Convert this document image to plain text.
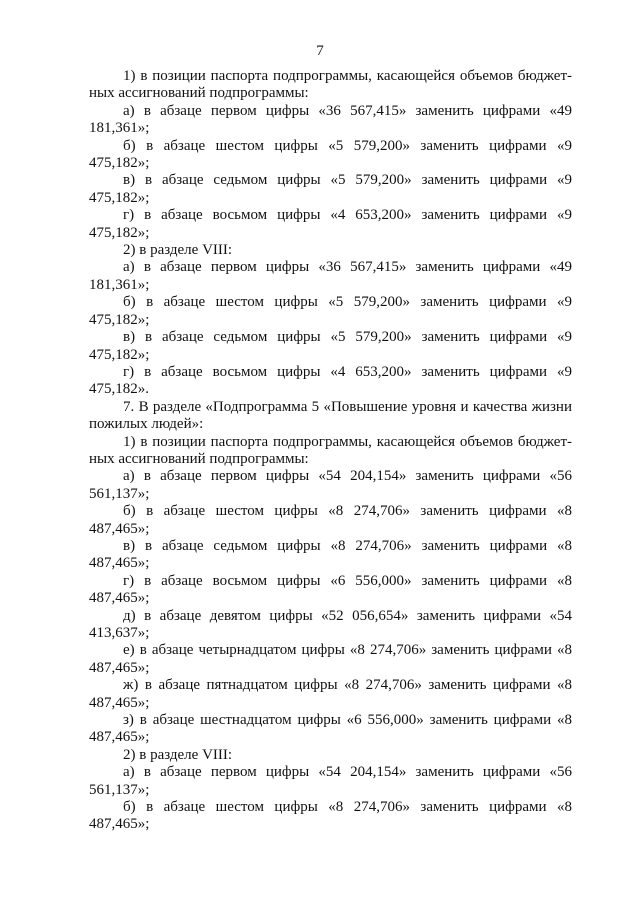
7

1) в позиции паспорта подпрограммы, касающейся объемов бюджет-ных ассигнований подпрограммы:

а) в абзаце первом цифры «36 567,415» заменить цифрами «49 181,361»;

б) в абзаце шестом цифры «5 579,200» заменить цифрами «9 475,182»;

в) в абзаце седьмом цифры «5 579,200» заменить цифрами «9 475,182»;

г) в абзаце восьмом цифры «4 653,200» заменить цифрами «9 475,182»;

2) в разделе VIII:

а) в абзаце первом цифры «36 567,415» заменить цифрами «49 181,361»;

б) в абзаце шестом цифры «5 579,200» заменить цифрами «9 475,182»;

в) в абзаце седьмом цифры «5 579,200» заменить цифрами «9 475,182»;

г) в абзаце восьмом цифры «4 653,200» заменить цифрами «9 475,182».

7. В разделе «Подпрограмма 5 «Повышение уровня и качества жизни пожилых людей»:

1) в позиции паспорта подпрограммы, касающейся объемов бюджет-ных ассигнований подпрограммы:

а) в абзаце первом цифры «54 204,154» заменить цифрами «56 561,137»;

б) в абзаце шестом цифры «8 274,706» заменить цифрами «8 487,465»;

в) в абзаце седьмом цифры «8 274,706» заменить цифрами «8 487,465»;

г) в абзаце восьмом цифры «6 556,000» заменить цифрами «8 487,465»;

д) в абзаце девятом цифры «52 056,654» заменить цифрами «54 413,637»;

е) в абзаце четырнадцатом цифры «8 274,706» заменить цифрами «8 487,465»;

ж) в абзаце пятнадцатом цифры «8 274,706» заменить цифрами «8 487,465»;

з) в абзаце шестнадцатом цифры «6 556,000» заменить цифрами «8 487,465»;

2) в разделе VIII:

а) в абзаце первом цифры «54 204,154» заменить цифрами «56 561,137»;

б) в абзаце шестом цифры «8 274,706» заменить цифрами «8 487,465»;
